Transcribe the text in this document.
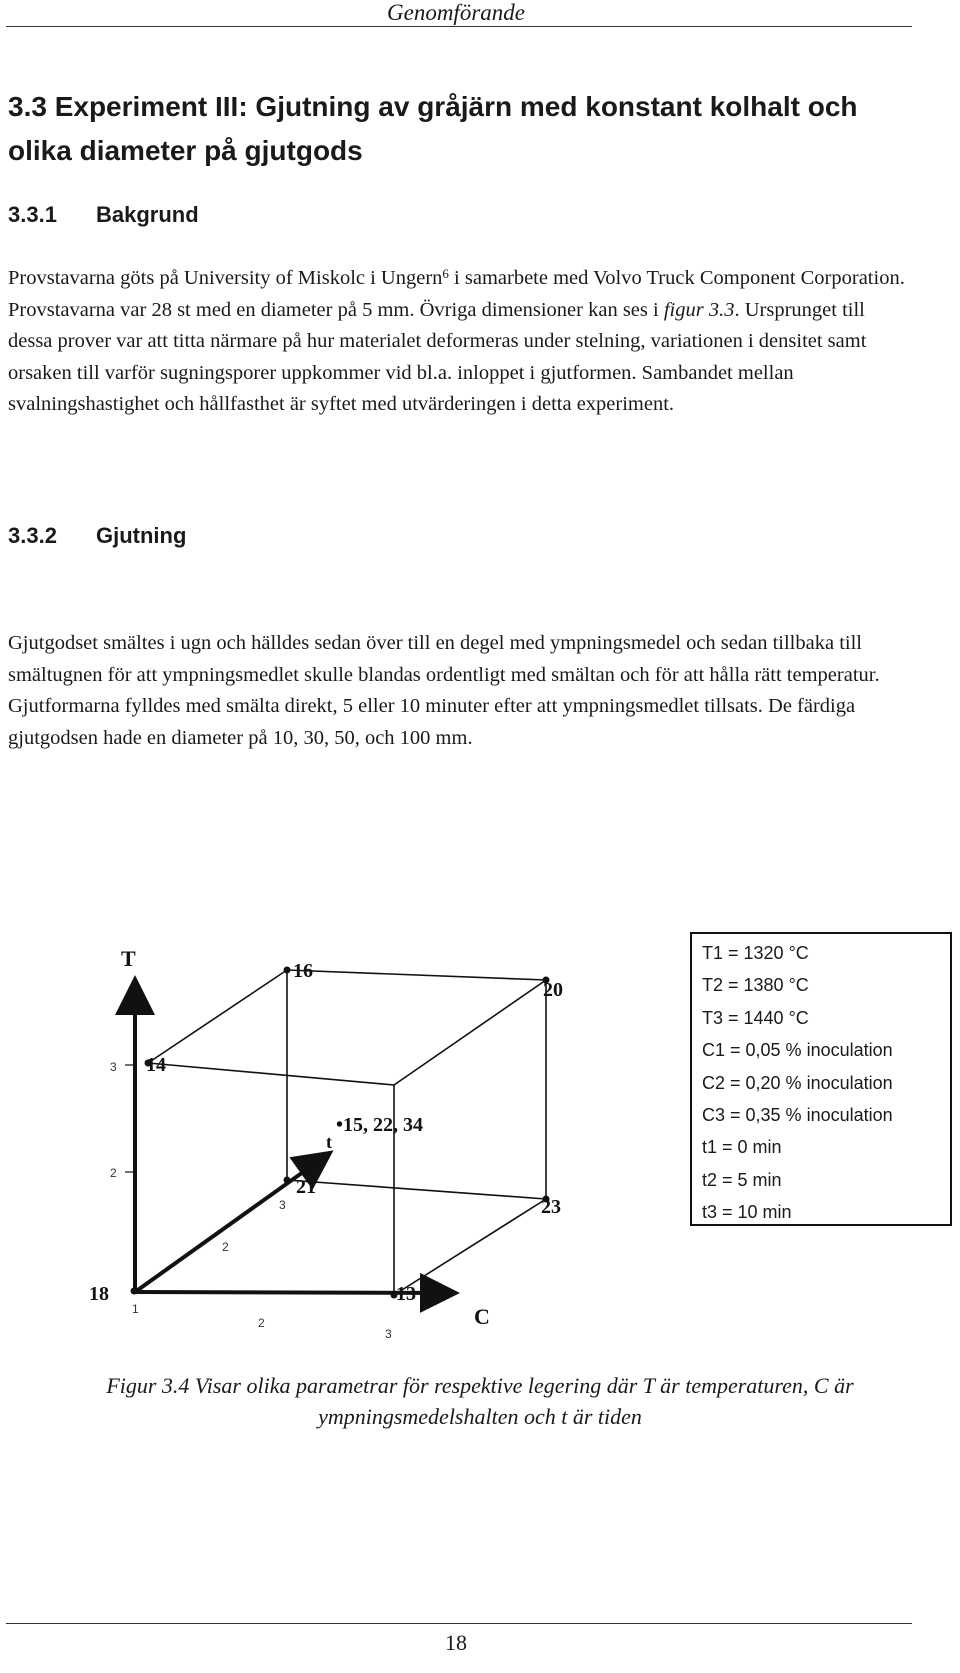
Genomförande
3.3 Experiment III: Gjutning av gråjärn med konstant kolhalt och olika diameter på gjutgods
3.3.1 Bakgrund
Provstavarna göts på University of Miskolc i Ungern$^6$ i samarbete med Volvo Truck Component Corporation. Provstavarna var 28 st med en diameter på 5 mm. Övriga dimensioner kan ses i figur 3.3. Ursprunget till dessa prover var att titta närmare på hur materialet deformeras under stelning, variationen i densitet samt orsaken till varför sugningsporer uppkommer vid bl.a. inloppet i gjutformen. Sambandet mellan svalningshastighet och hållfasthet är syftet med utvärderingen i detta experiment.
3.3.2 Gjutning
Gjutgodset smältes i ugn och hälldes sedan över till en degel med ympningsmedel och sedan tillbaka till smältugnen för att ympningsmedlet skulle blandas ordentligt med smältan och för att hålla rätt temperatur. Gjutformarna fylldes med smälta direkt, 5 eller 10 minuter efter att ympningsmedlet tillsats. De färdiga gjutgodsen hade en diameter på 10, 30, 50, och 100 mm.
T
C
t
3
2
1
2
3
2
3
16
20
14
•15, 22, 34
21
23
18	13
T1 = 1320 °C
T2 = 1380 °C
T3 = 1440 °C
C1 = 0,05 % inoculation
C2 = 0,20 % inoculation
C3 = 0,35 % inoculation
t1 = 0 min
t2 = 5 min
t3 = 10 min
Figur 3.4 Visar olika parametrar för respektive legering där T är temperaturen, C är
ympningsmedelshalten och t är tiden
18
